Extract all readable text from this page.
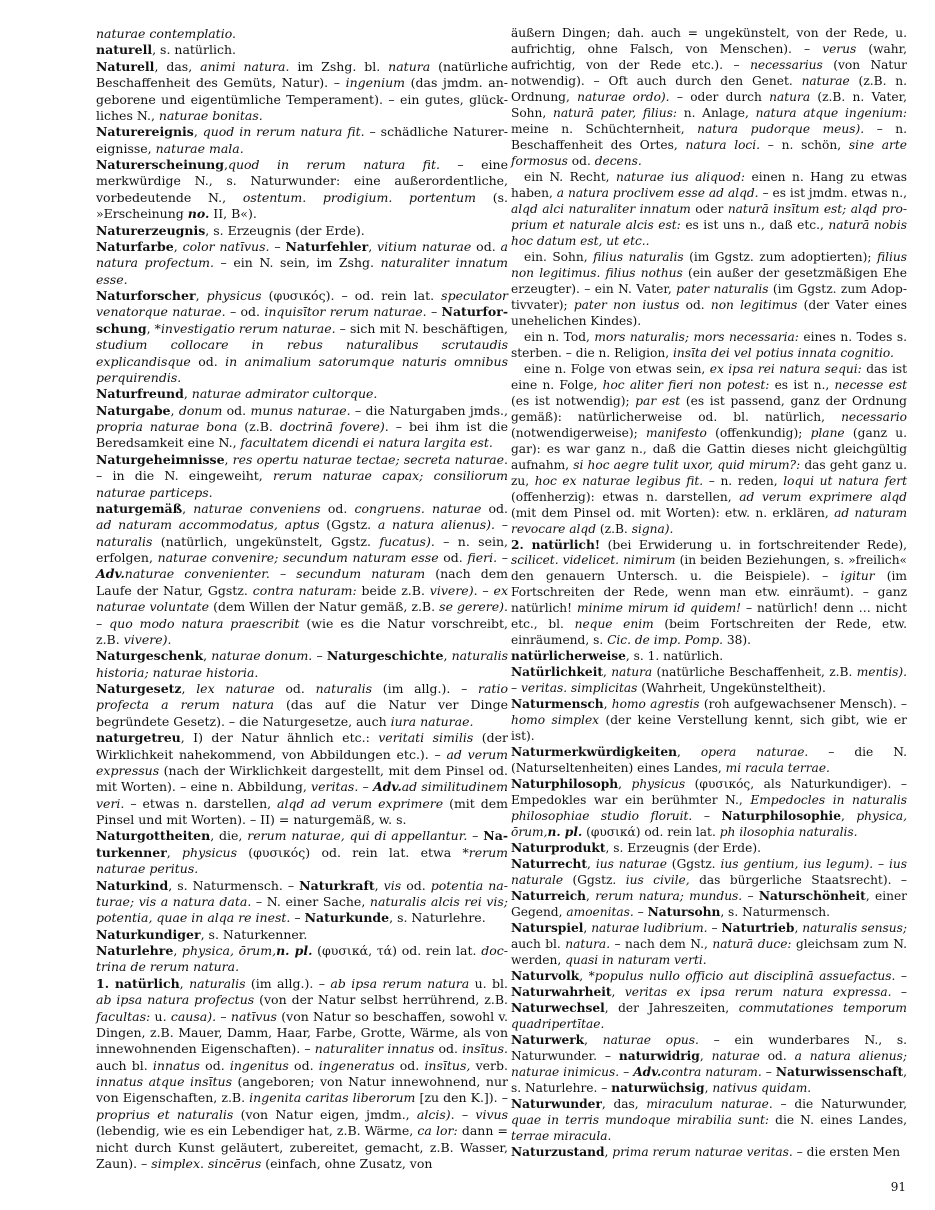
naturae contemplatio.

naturell, s. natürlich.

Naturell, das, animi natura. im Zshg. bl. natura (natürliche Beschaffenheit des Gemüts, Natur). – ingenium (das jmdm. angeborene und eigentümliche Temperament). – ein gutes, glückliches N., naturae bonitas.

Naturereignis, quod in rerum natura fit. – schädliche Naturereignisse, naturae mala.

Naturerscheinung,quod in rerum natura fit. – eine merkwürdige N., s. Naturwunder: eine außerordentliche, vorbedeutende N., ostentum. prodigium. portentum (s. »Erscheinung no. II, B«).

Naturerzeugnis, s. Erzeugnis (der Erde).

Naturfarbe, color natīvus. – Naturfehler, vitium naturae od. a natura profectum. – ein N. sein, im Zshg. naturaliter innatum esse.

Naturforscher, physicus (φυσικός). – od. rein lat. speculator venatorque naturae. – od. inquisītor rerum naturae. – Naturforschung, *investigatio rerum naturae. – sich mit N. beschäftigen, studium collocare in rebus naturalibus scrutaudis explicandisque od. in animalium satorumque naturis omnibus perquirendis.

Naturfreund, naturae admirator cultorque.

Naturgabe, donum od. munus naturae. – die Naturgaben jmds., propria naturae bona (z.B. doctrinā fovere). – bei ihm ist die Beredsamkeit eine N., facultatem dicendi ei natura largita est.

Naturgeheimnisse, res opertu naturae tectae; secreta naturae. – in die N. eingeweiht, rerum naturae capax; consiliorum naturae particeps.

naturgemäß, naturae conveniens od. congruens. naturae od. ad naturam accommodatus, aptus (Ggstz. a natura alienus). – naturalis (natürlich, ungekünstelt, Ggstz. fucatus). – n. sein, erfolgen, naturae convenire; secundum naturam esse od. fieri. – Adv.naturae convenienter. – secundum naturam (nach dem Laufe der Natur, Ggstz. contra naturam: beide z.B. vivere). – ex naturae voluntate (dem Willen der Natur gemäß, z.B. se gerere). – quo modo natura praescribit (wie es die Natur vorschreibt, z.B. vivere).

Naturgeschenk, naturae donum. – Naturgeschichte, naturalis historia; naturae historia.

Naturgesetz, lex naturae od. naturalis (im allg.). – ratio profecta a rerum natura (das auf die Natur ver Dinge begründete Gesetz). – die Naturgesetze, auch iura naturae.

naturgetreu, I) der Natur ähnlich etc.: veritati similis (der Wirklichkeit nahekommend, von Abbildungen etc.). – ad verum expressus (nach der Wirklichkeit dargestellt, mit dem Pinsel od. mit Worten). – eine n. Abbildung, veritas. – Adv.ad similitudinem veri. – etwas n. darstellen, alqd ad verum exprimere (mit dem Pinsel und mit Worten). – II) = naturgemäß, w. s.

Naturgottheiten, die, rerum naturae, qui di appellantur. – Naturkenner, physicus (φυσικός) od. rein lat. etwa *rerum naturae peritus.

Naturkind, s. Naturmensch. – Naturkraft, vis od. potentia naturae; vis a natura data. – N. einer Sache, naturalis alcis rei vis; potentia, quae in alqa re inest. – Naturkunde, s. Naturlehre.

Naturkundiger, s. Naturkenner.

Naturlehre, physica, ōrum,n. pl. (φυσικά, τά) od. rein lat. doctrina de rerum natura.

1. natürlich, naturalis (im allg.). – ab ipsa rerum natura u. bl. ab ipsa natura profectus (von der Natur selbst herrührend, z.B. facultas: u. causa). – natīvus (von Natur so beschaffen, sowohl v. Dingen, z.B. Mauer, Damm, Haar, Farbe, Grotte, Wärme, als von innewohnenden Eigenschaften). – naturaliter innatus od. insītus. auch bl. innatus od. ingenitus od. ingeneratus od. insītus, verb. innatus atque insītus (angeboren; von Natur innewohnend, nur von Eigenschaften, z.B. ingenita caritas liberorum [zu den K.]). – proprius et naturalis (von Natur eigen, jmdm., alcis). – vivus (lebendig, wie es ein Lebendiger hat, z.B. Wärme, ca lor: dann = nicht durch Kunst geläutert, zubereitet, gemacht, z.B. Wasser, Zaun). – simplex. sincērus (einfach, ohne Zusatz, von

äußern Dingen; dah. auch = ungekünstelt, von der Rede, u. aufrichtig, ohne Falsch, von Menschen). – verus (wahr, aufrichtig, von der Rede etc.). – necessarius (von Natur notwendig). – Oft auch durch den Genet. naturae (z.B. n. Ordnung, naturae ordo). – oder durch natura (z.B. n. Vater, Sohn, naturā pater, filius: n. Anlage, natura atque ingenium: meine n. Schüchternheit, natura pudorque meus). – n. Beschaffenheit des Ortes, natura loci. – n. schön, sine arte formosus od. decens.

ein N. Recht, naturae ius aliquod: einen n. Hang zu etwas haben, a natura proclivem esse ad alqd. – es ist jmdm. etwas n., alqd alci naturaliter innatum oder naturā insītum est; alqd proprium et naturale alcis est: es ist uns n., daß etc., naturā nobis hoc datum est, ut etc..

ein. Sohn, filius naturalis (im Ggstz. zum adoptierten); filius non legitimus. filius nothus (ein außer der gesetzmäßigen Ehe erzeugter). – ein N. Vater, pater naturalis (im Ggstz. zum Adoptivvater); pater non iustus od. non legitimus (der Vater eines unehelichen Kindes).

ein n. Tod, mors naturalis; mors necessaria: eines n. Todes s. sterben. – die n. Religion, insīta dei vel potius innata cognitio.

eine n. Folge von etwas sein, ex ipsa rei natura sequi: das ist eine n. Folge, hoc aliter fieri non potest: es ist n., necesse est (es ist notwendig); par est (es ist passend, ganz der Ordnung gemäß): natürlicherweise od. bl. natürlich, necessario (notwendigerweise); manifesto (offenkundig); plane (ganz u. gar): es war ganz n., daß die Gattin dieses nicht gleichgültig aufnahm, si hoc aegre tulit uxor, quid mirum?: das geht ganz u. zu, hoc ex naturae legibus fit. – n. reden, loqui ut natura fert (offenherzig): etwas n. darstellen, ad verum exprimere alqd (mit dem Pinsel od. mit Worten): etw. n. erklären, ad naturam revocare alqd (z.B. signa).

2. natürlich! (bei Erwiderung u. in fortschreitender Rede), scilicet. videlicet. nimirum (in beiden Beziehungen, s. »freilich« den genauern Untersch. u. die Beispiele). – igitur (im Fortschreiten der Rede, wenn man etw. einräumt). – ganz natürlich! minime mirum id quidem! – natürlich! denn … nicht etc., bl. neque enim (beim Fortschreiten der Rede, etw. einräumend, s. Cic. de imp. Pomp. 38).

natürlicherweise, s. 1. natürlich.

Natürlichkeit, natura (natürliche Beschaffenheit, z.B. mentis). – veritas. simplicitas (Wahrheit, Ungekünsteltheit).

Naturmensch, homo agrestis (roh aufgewachsener Mensch). – homo simplex (der keine Verstellung kennt, sich gibt, wie er ist).

Naturmerkwürdigkeiten, opera naturae. – die N. (Naturseltenheiten) eines Landes, mi racula terrae.

Naturphilosoph, physicus (φυσικός, als Naturkundiger). – Empedokles war ein berühmter N., Empedocles in naturalis philosophiae studio floruit. – Naturphilosophie, physica, ōrum,n. pl. (φυσικά) od. rein lat. ph ilosophia naturalis.

Naturprodukt, s. Erzeugnis (der Erde).

Naturrecht, ius naturae (Ggstz. ius gentium, ius legum). – ius naturale (Ggstz. ius civile, das bürgerliche Staatsrecht). – Naturreich, rerum natura; mundus. – Naturschönheit, einer Gegend, amoenitas. – Natursohn, s. Naturmensch.

Naturspiel, naturae ludibrium. – Naturtrieb, naturalis sensus; auch bl. natura. – nach dem N., naturā duce: gleichsam zum N. werden, quasi in naturam verti.

Naturvolk, *populus nullo officio aut disciplinā assuefactus. – Naturwahrheit, veritas ex ipsa rerum natura expressa. – Naturwechsel, der Jahreszeiten, commutationes temporum quadripertītae.

Naturwerk, naturae opus. – ein wunderbares N., s. Naturwunder. – naturwidrig, naturae od. a natura alienus; naturae inimicus. – Adv.contra naturam. – Naturwissenschaft, s. Naturlehre. – naturwüchsig, nativus quidam.

Naturwunder, das, miraculum naturae. – die Naturwunder, quae in terris mundoque mirabilia sunt: die N. eines Landes, terrae miracula.

Naturzustand, prima rerum naturae veritas. – die ersten Men

91
